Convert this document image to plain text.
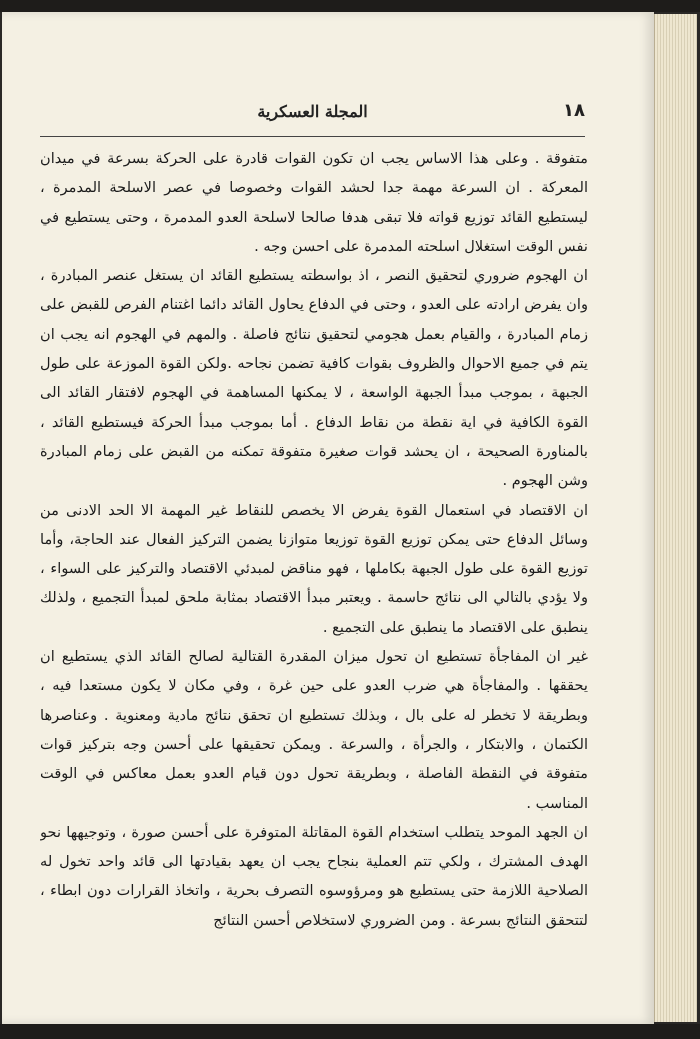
١٨
المجلة العسكرية

متفوقة . وعلى هذا الاساس يجب ان تكون القوات قادرة على الحركة بسرعة في ميدان المعركة . ان السرعة مهمة جدا لحشد القوات وخصوصا في عصر الاسلحة المدمرة ، ليستطيع القائد توزيع قواته فلا تبقى هدفا صالحا لاسلحة العدو المدمرة ، وحتى يستطيع في نفس الوقت استغلال اسلحته المدمرة على احسن وجه .

ان الهجوم ضروري لتحقيق النصر ، اذ بواسطته يستطيع القائد ان يستغل عنصر المبادرة ، وان يفرض ارادته على العدو ، وحتى في الدفاع يحاول القائد دائما اغتنام الفرص للقبض على زمام المبادرة ، والقيام بعمل هجومي لتحقيق نتائج فاصلة . والمهم في الهجوم انه يجب ان يتم في جميع الاحوال والظروف بقوات كافية تضمن نجاحه .ولكن القوة الموزعة على طول الجبهة ، بموجب مبدأ الجبهة الواسعة ، لا يمكنها المساهمة في الهجوم لافتقار القائد الى القوة الكافية في اية نقطة من نقاط الدفاع . أما بموجب مبدأ الحركة فيستطيع القائد ، بالمناورة الصحيحة ، ان يحشد قوات صغيرة متفوقة تمكنه من القبض على زمام المبادرة وشن الهجوم .

ان الاقتصاد في استعمال القوة يفرض الا يخصص للنقاط غير المهمة الا الحد الادنى من وسائل الدفاع حتى يمكن توزيع القوة توزيعا متوازنا يضمن التركيز الفعال عند الحاجة، وأما توزيع القوة على طول الجبهة بكاملها ، فهو مناقض لمبدئي الاقتصاد والتركيز على السواء ، ولا يؤدي بالتالي الى نتائج حاسمة . ويعتبر مبدأ الاقتصاد بمثابة ملحق لمبدأ التجميع ، ولذلك ينطبق على الاقتصاد ما ينطبق على التجميع .

غير ان المفاجأة تستطيع ان تحول ميزان المقدرة القتالية لصالح القائد الذي يستطيع ان يحققها . والمفاجأة هي ضرب العدو على حين غرة ، وفي مكان لا يكون مستعدا فيه ، وبطريقة لا تخطر له على بال ، وبذلك تستطيع ان تحقق نتائج مادية ومعنوية . وعناصرها الكتمان ، والابتكار ، والجرأة ، والسرعة . ويمكن تحقيقها على أحسن وجه بتركيز قوات متفوقة في النقطة الفاصلة ، وبطريقة تحول دون قيام العدو بعمل معاكس في الوقت المناسب .

ان الجهد الموحد يتطلب استخدام القوة المقاتلة المتوفرة على أحسن صورة ، وتوجيهها نحو الهدف المشترك ، ولكي تتم العملية بنجاح يجب ان يعهد بقيادتها الى قائد واحد تخول له الصلاحية اللازمة حتى يستطيع هو ومرؤوسوه التصرف بحرية ، واتخاذ القرارات دون ابطاء ، لتتحقق النتائج بسرعة . ومن الضروري لاستخلاص أحسن النتائج
